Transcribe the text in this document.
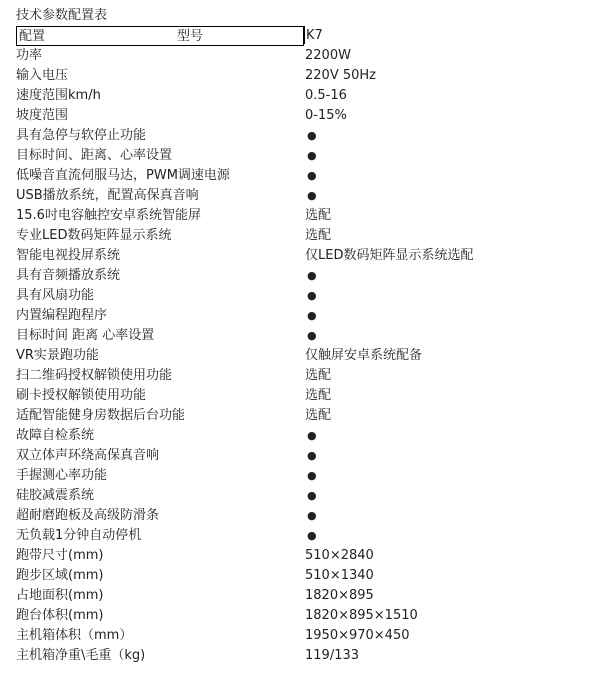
技术参数配置表
配置	型号	K7
功率	2200W
输入电压	220V 50Hz
速度范围km/h	0.5-16
坡度范围	0-15%
具有急停与软停止功能	●
目标时间、距离、心率设置	●
低噪音直流伺服马达，PWM调速电源	●
USB播放系统，配置高保真音响	●
15.6吋电容触控安卓系统智能屏	选配
专业LED数码矩阵显示系统	选配
智能电视投屏系统	仅LED数码矩阵显示系统选配
具有音频播放系统	●
具有风扇功能	●
内置编程跑程序	●
目标时间 距离 心率设置	●
VR实景跑功能	仅触屏安卓系统配备
扫二维码授权解锁使用功能	选配
刷卡授权解锁使用功能	选配
适配智能健身房数据后台功能	选配
故障自检系统	●
双立体声环绕高保真音响	●
手握测心率功能	●
硅胶减震系统	●
超耐磨跑板及高级防滑条	●
无负载1分钟自动停机	●
跑带尺寸(mm)	510×2840
跑步区域(mm)	510×1340
占地面积(mm)	1820×895
跑台体积(mm)	1820×895×1510
主机箱体积（mm）	1950×970×450
主机箱净重\毛重（kg)	119/133
